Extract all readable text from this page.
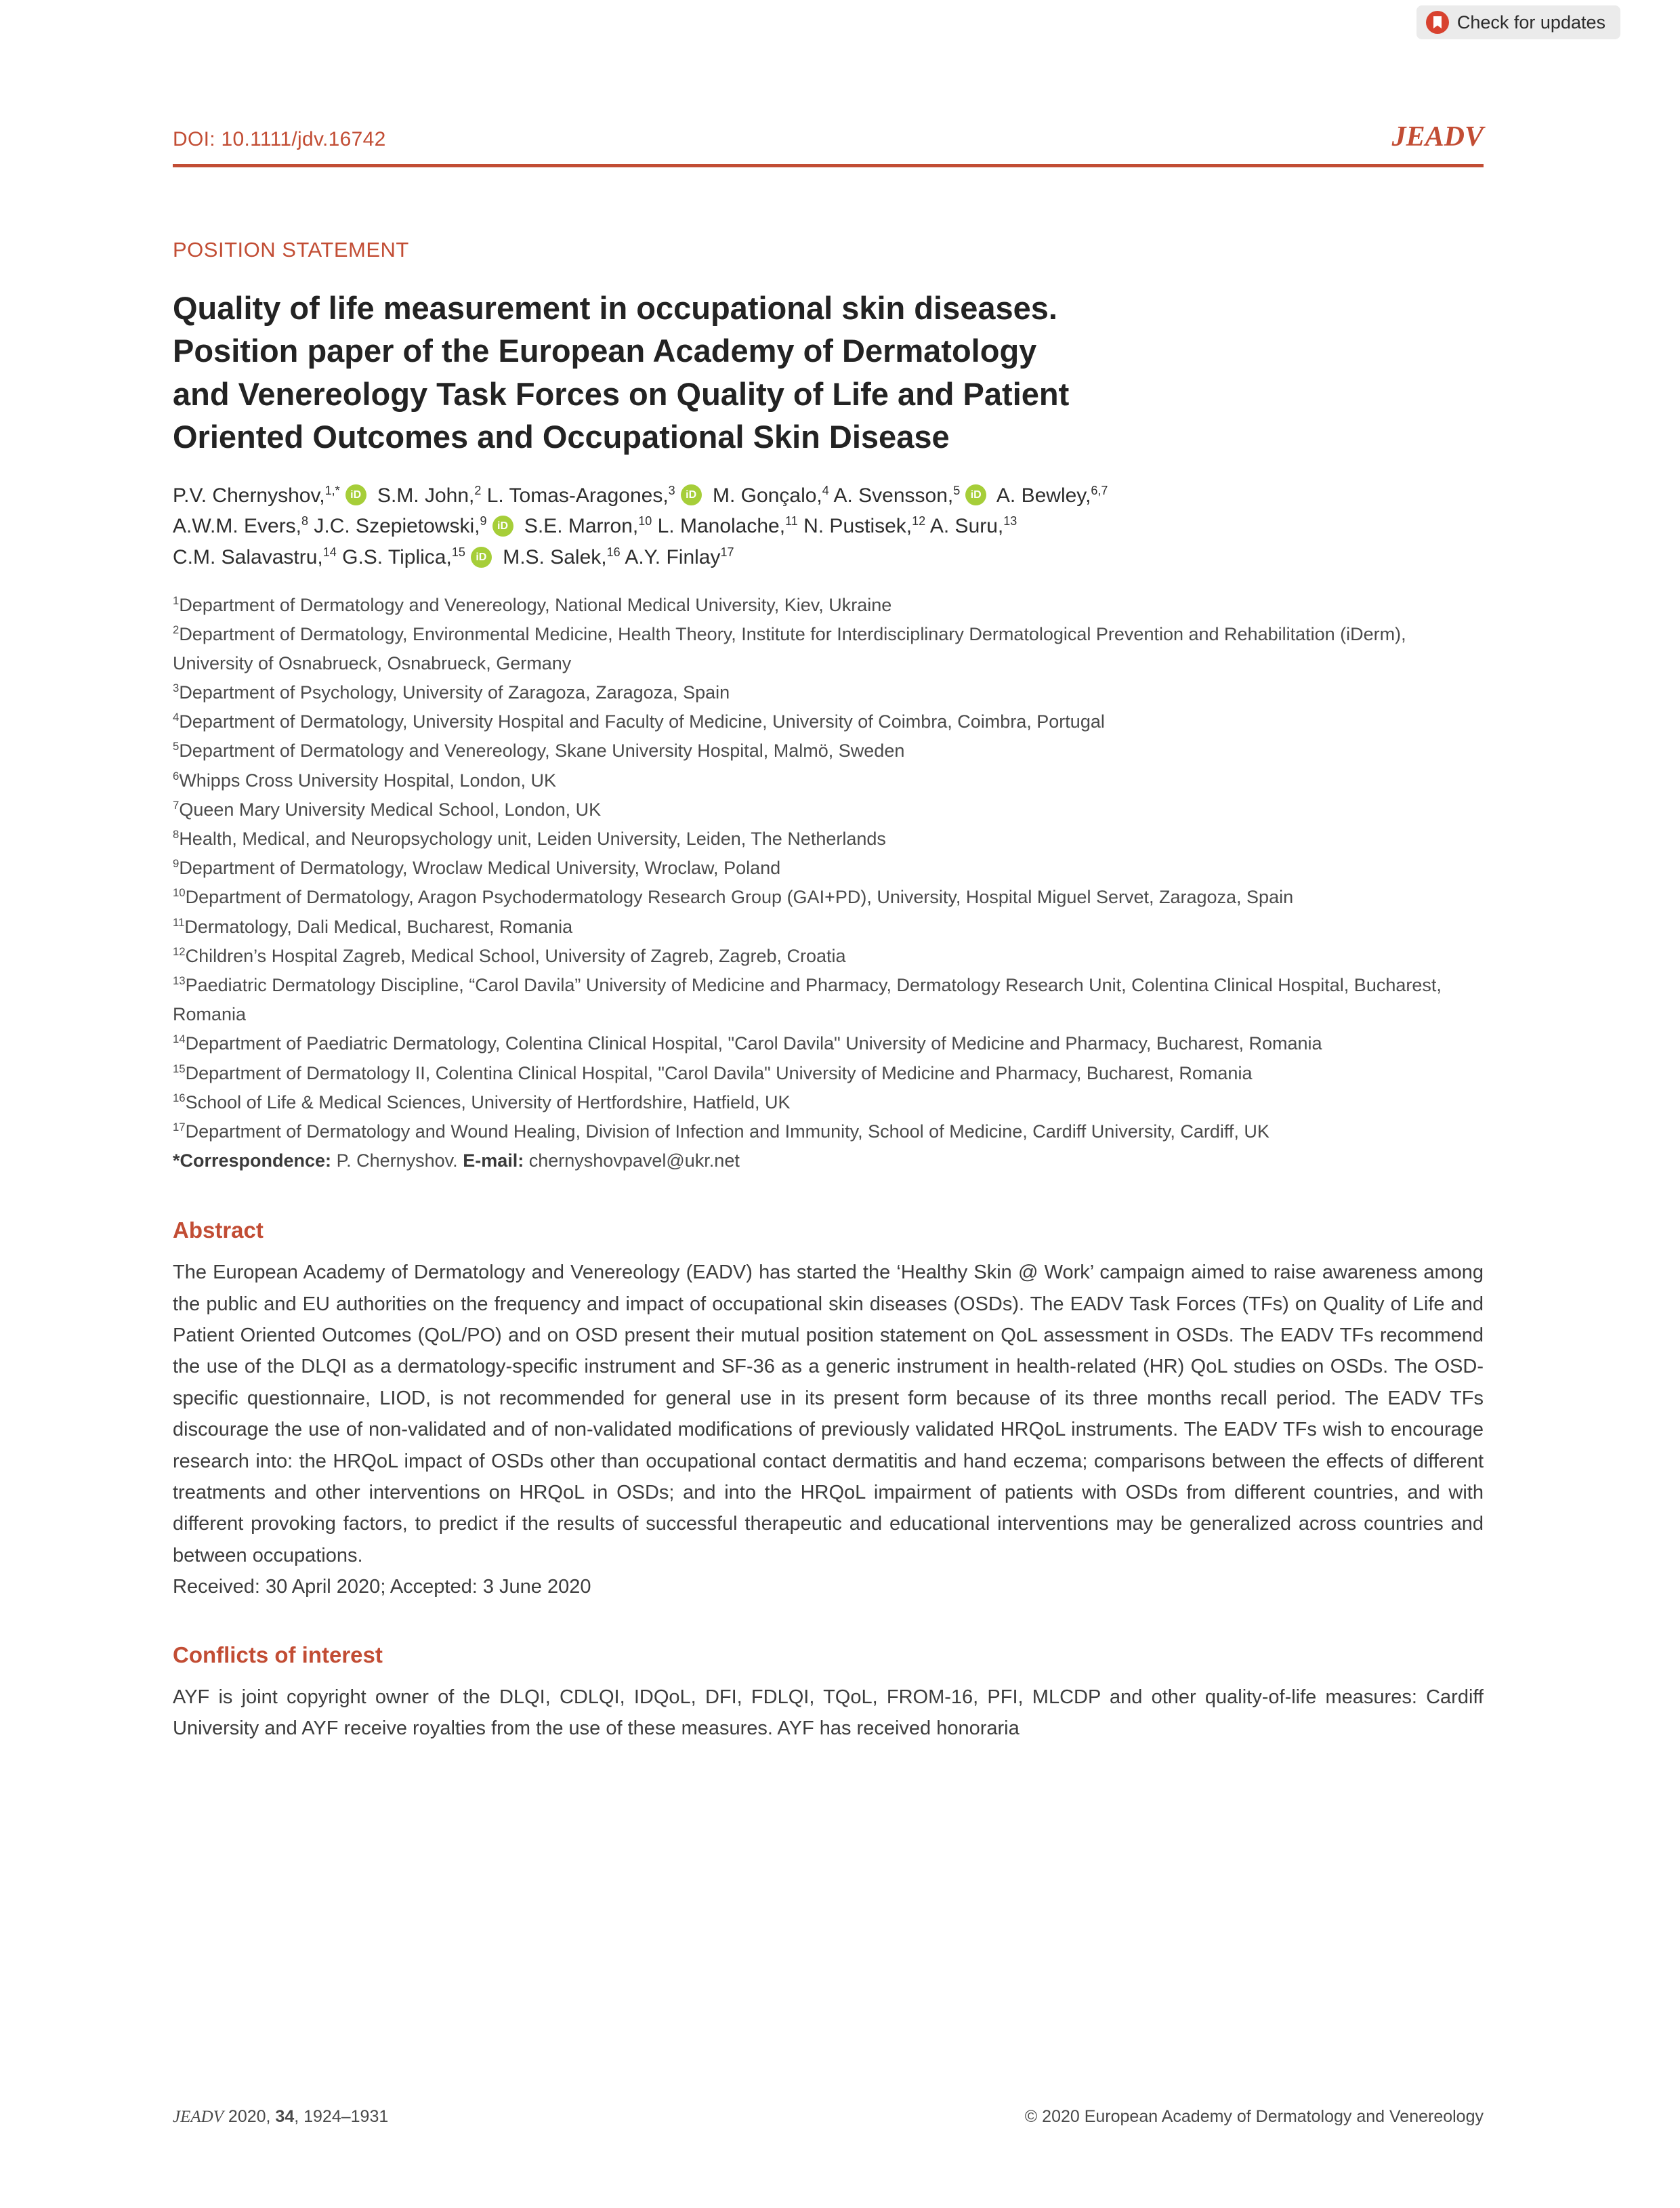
Check for updates
DOI: 10.1111/jdv.16742	JEADV
POSITION STATEMENT
Quality of life measurement in occupational skin diseases.
Position paper of the European Academy of Dermatology
and Venereology Task Forces on Quality of Life and Patient
Oriented Outcomes and Occupational Skin Disease
P.V. Chernyshov,$^{1,*}$ iD S.M. John,$^2$ L. Tomas-Aragones,$^3$ iD M. Gonçalo,$^4$ A. Svensson,$^5$ iD A. Bewley,$^{6,7}$
A.W.M. Evers,$^8$ J.C. Szepietowski,$^9$ iD S.E. Marron,$^{10}$ L. Manolache,$^{11}$ N. Pustisek,$^{12}$ A. Suru,$^{13}$
C.M. Salavastru,$^{14}$ G.S. Tiplica,$^{15}$ iD M.S. Salek,$^{16}$ A.Y. Finlay$^{17}$
$^1$Department of Dermatology and Venereology, National Medical University, Kiev, Ukraine
$^2$Department of Dermatology, Environmental Medicine, Health Theory, Institute for Interdisciplinary Dermatological Prevention and Rehabilitation (iDerm), University of Osnabrueck, Osnabrueck, Germany
$^3$Department of Psychology, University of Zaragoza, Zaragoza, Spain
$^4$Department of Dermatology, University Hospital and Faculty of Medicine, University of Coimbra, Coimbra, Portugal
$^5$Department of Dermatology and Venereology, Skane University Hospital, Malmö, Sweden
$^6$Whipps Cross University Hospital, London, UK
$^7$Queen Mary University Medical School, London, UK
$^8$Health, Medical, and Neuropsychology unit, Leiden University, Leiden, The Netherlands
$^9$Department of Dermatology, Wroclaw Medical University, Wroclaw, Poland
$^{10}$Department of Dermatology, Aragon Psychodermatology Research Group (GAI+PD), University, Hospital Miguel Servet, Zaragoza, Spain
$^{11}$Dermatology, Dali Medical, Bucharest, Romania
$^{12}$Children’s Hospital Zagreb, Medical School, University of Zagreb, Zagreb, Croatia
$^{13}$Paediatric Dermatology Discipline, “Carol Davila” University of Medicine and Pharmacy, Dermatology Research Unit, Colentina Clinical Hospital, Bucharest, Romania
$^{14}$Department of Paediatric Dermatology, Colentina Clinical Hospital, "Carol Davila" University of Medicine and Pharmacy, Bucharest, Romania
$^{15}$Department of Dermatology II, Colentina Clinical Hospital, "Carol Davila" University of Medicine and Pharmacy, Bucharest, Romania
$^{16}$School of Life & Medical Sciences, University of Hertfordshire, Hatfield, UK
$^{17}$Department of Dermatology and Wound Healing, Division of Infection and Immunity, School of Medicine, Cardiff University, Cardiff, UK
*Correspondence: P. Chernyshov. E-mail: chernyshovpavel@ukr.net
Abstract

The European Academy of Dermatology and Venereology (EADV) has started the ‘Healthy Skin @ Work’ campaign aimed to raise awareness among the public and EU authorities on the frequency and impact of occupational skin diseases (OSDs). The EADV Task Forces (TFs) on Quality of Life and Patient Oriented Outcomes (QoL/PO) and on OSD present their mutual position statement on QoL assessment in OSDs. The EADV TFs recommend the use of the DLQI as a dermatology-specific instrument and SF-36 as a generic instrument in health-related (HR) QoL studies on OSDs. The OSD-specific questionnaire, LIOD, is not recommended for general use in its present form because of its three months recall period. The EADV TFs discourage the use of non-validated and of non-validated modifications of previously validated HRQoL instruments. The EADV TFs wish to encourage research into: the HRQoL impact of OSDs other than occupational contact dermatitis and hand eczema; comparisons between the effects of different treatments and other interventions on HRQoL in OSDs; and into the HRQoL impairment of patients with OSDs from different countries, and with different provoking factors, to predict if the results of successful therapeutic and educational interventions may be generalized across countries and between occupations.

Received: 30 April 2020; Accepted: 3 June 2020

Conflicts of interest

AYF is joint copyright owner of the DLQI, CDLQI, IDQoL, DFI, FDLQI, TQoL, FROM-16, PFI, MLCDP and other quality-of-life measures: Cardiff University and AYF receive royalties from the use of these measures. AYF has received honoraria

JEADV 2020, 34, 1924–1931	© 2020 European Academy of Dermatology and Venereology
